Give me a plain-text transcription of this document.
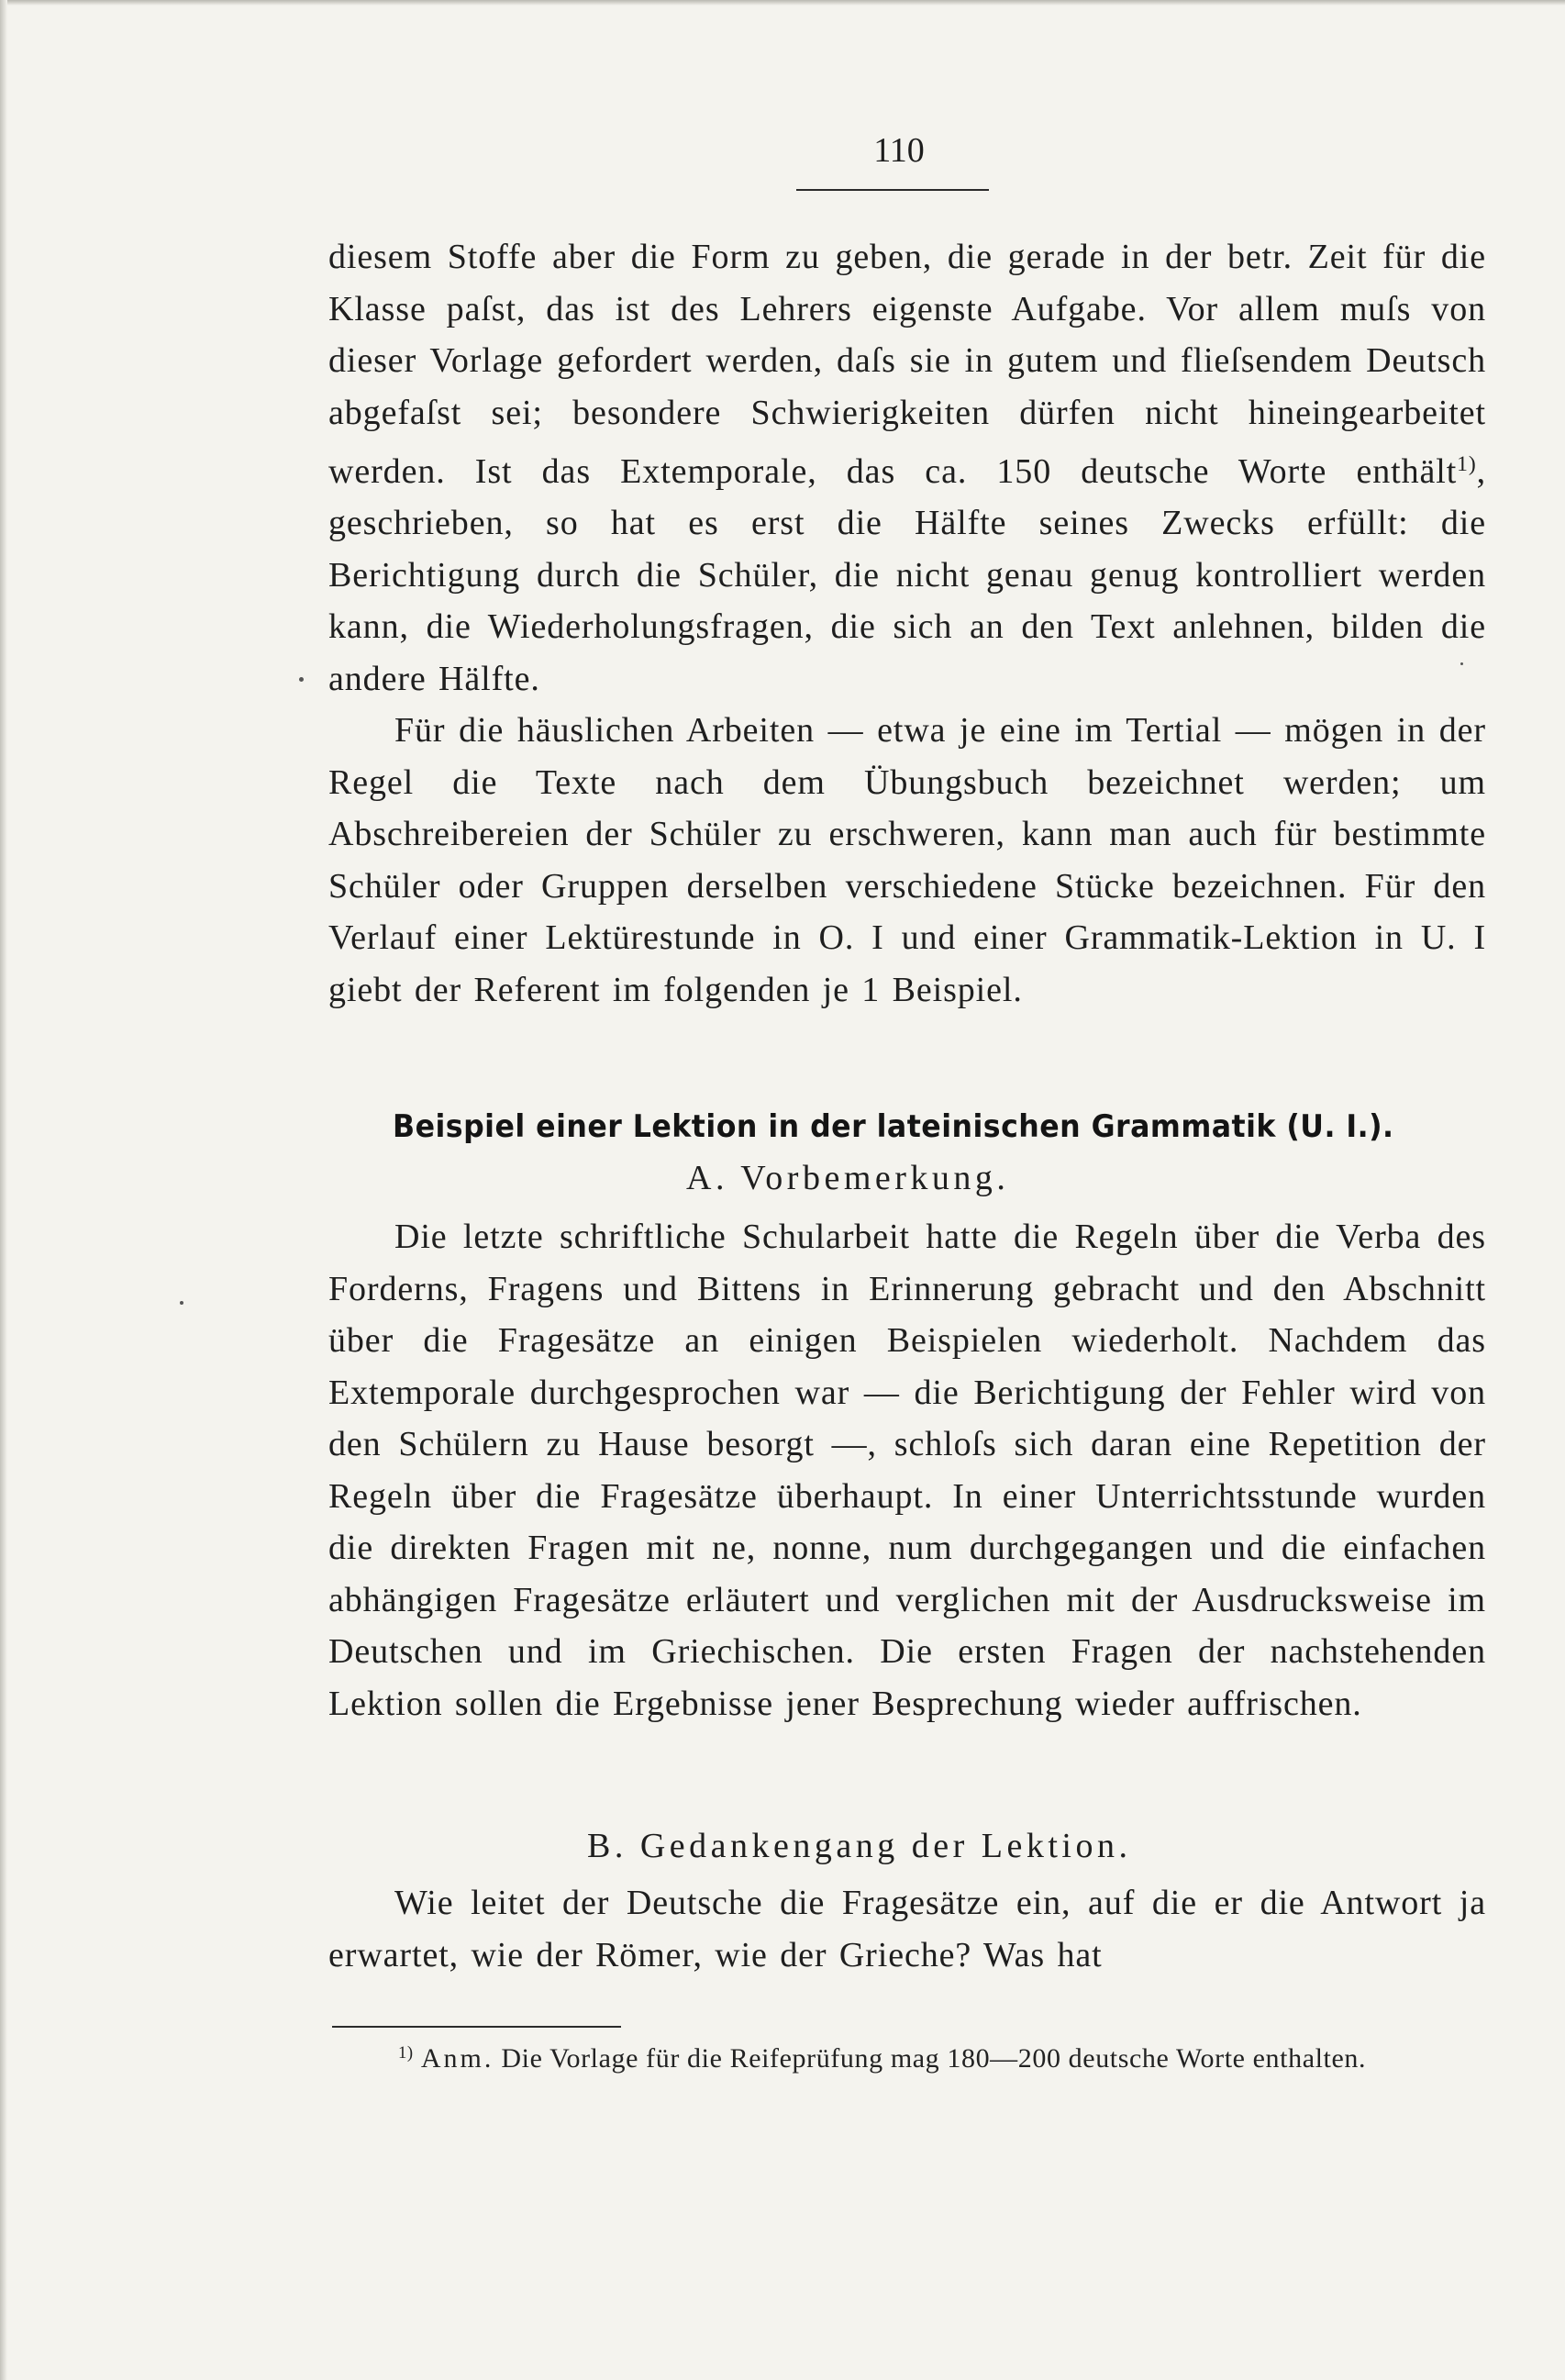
110

diesem Stoffe aber die Form zu geben, die gerade in der betr. Zeit für die Klasse paſst, das ist des Lehrers eigenste Aufgabe. Vor allem muſs von dieser Vorlage gefordert werden, daſs sie in gutem und flieſsendem Deutsch abgefaſst sei; besondere Schwierigkeiten dürfen nicht hineingearbeitet werden. Ist das Extemporale, das ca. 150 deutsche Worte enthält$^{1)}$, geschrieben, so hat es erst die Hälfte seines Zwecks erfüllt: die Berichtigung durch die Schüler, die nicht genau genug kontrolliert werden kann, die Wiederholungsfragen, die sich an den Text anlehnen, bilden die andere Hälfte.

Für die häuslichen Arbeiten — etwa je eine im Tertial — mögen in der Regel die Texte nach dem Übungsbuch bezeichnet werden; um Abschreibereien der Schüler zu erschweren, kann man auch für bestimmte Schüler oder Gruppen derselben verschiedene Stücke bezeichnen. Für den Verlauf einer Lektürestunde in O. I und einer Grammatik-Lektion in U. I giebt der Referent im folgenden je 1 Beispiel.

Beispiel einer Lektion in der lateinischen Grammatik (U. I.).
A. Vorbemerkung.

Die letzte schriftliche Schularbeit hatte die Regeln über die Verba des Forderns, Fragens und Bittens in Erinnerung gebracht und den Abschnitt über die Fragesätze an einigen Beispielen wiederholt. Nachdem das Extemporale durchgesprochen war — die Berichtigung der Fehler wird von den Schülern zu Hause besorgt —, schloſs sich daran eine Repetition der Regeln über die Fragesätze überhaupt. In einer Unterrichtsstunde wurden die direkten Fragen mit ne, nonne, num durchgegangen und die einfachen abhängigen Fragesätze erläutert und verglichen mit der Ausdrucksweise im Deutschen und im Griechischen. Die ersten Fragen der nachstehenden Lektion sollen die Ergebnisse jener Besprechung wieder auffrischen.

B. Gedankengang der Lektion.

Wie leitet der Deutsche die Fragesätze ein, auf die er die Antwort ja erwartet, wie der Römer, wie der Grieche? Was hat

$^{1)}$ Anm. Die Vorlage für die Reifeprüfung mag 180—200 deutsche Worte enthalten.
